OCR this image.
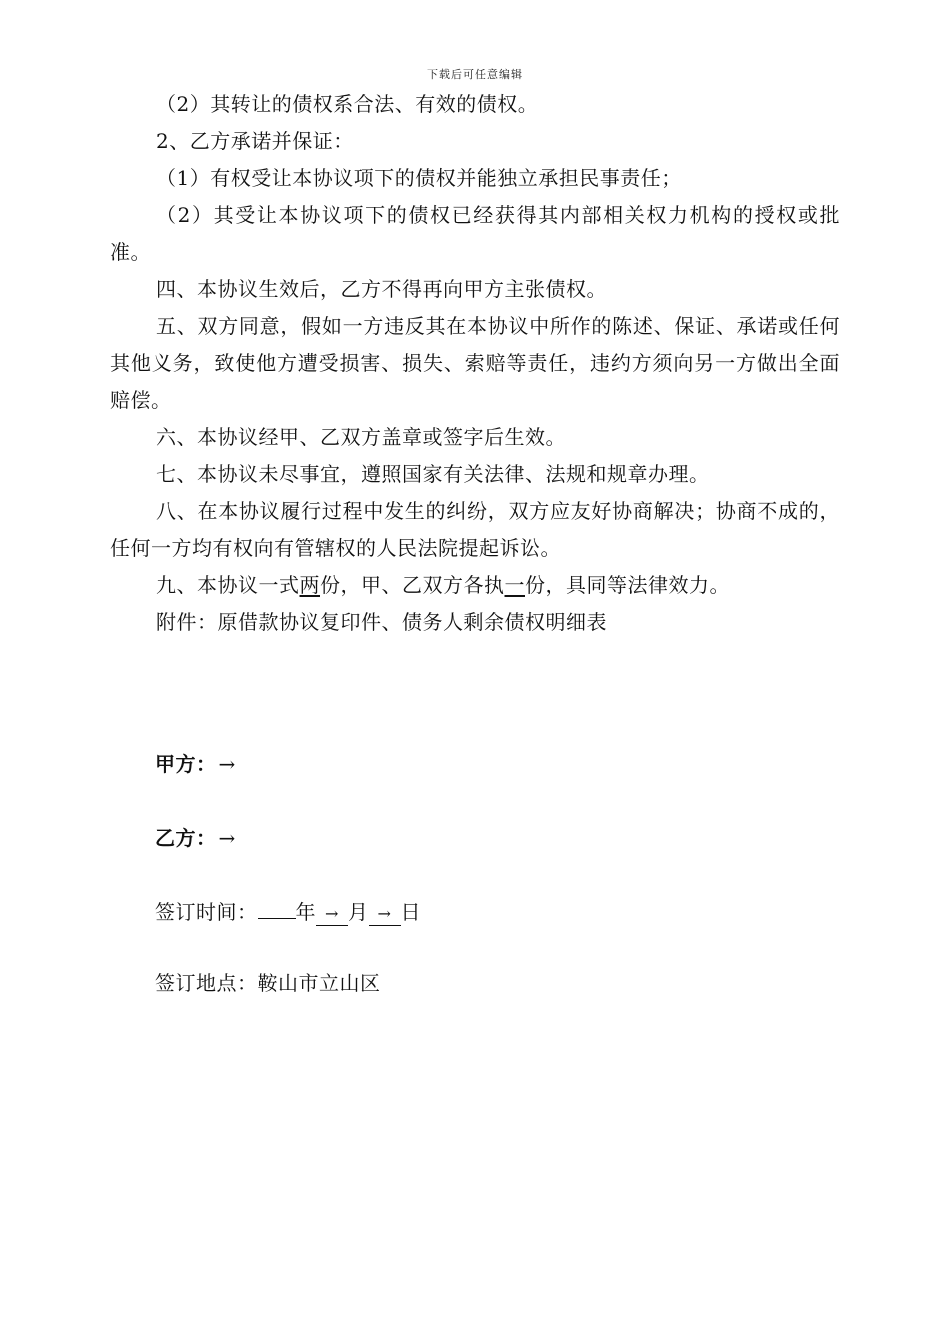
下载后可任意编辑

（2）其转让的债权系合法、有效的债权。

2、乙方承诺并保证：

（1）有权受让本协议项下的债权并能独立承担民事责任；

（2）其受让本协议项下的债权已经获得其内部相关权力机构的授权或批准。

四、本协议生效后，乙方不得再向甲方主张债权。

五、双方同意，假如一方违反其在本协议中所作的陈述、保证、承诺或任何其他义务，致使他方遭受损害、损失、索赔等责任，违约方须向另一方做出全面赔偿。

六、本协议经甲、乙双方盖章或签字后生效。

七、本协议未尽事宜，遵照国家有关法律、法规和规章办理。

八、在本协议履行过程中发生的纠纷，双方应友好协商解决；协商不成的，任何一方均有权向有管辖权的人民法院提起诉讼。

九、本协议一式两份，甲、乙双方各执一份，具同等法律效力。

附件：原借款协议复印件、债务人剩余债权明细表

甲方： →
乙方： →
签订时间： 年 → 月 → 日
签订地点：鞍山市立山区
